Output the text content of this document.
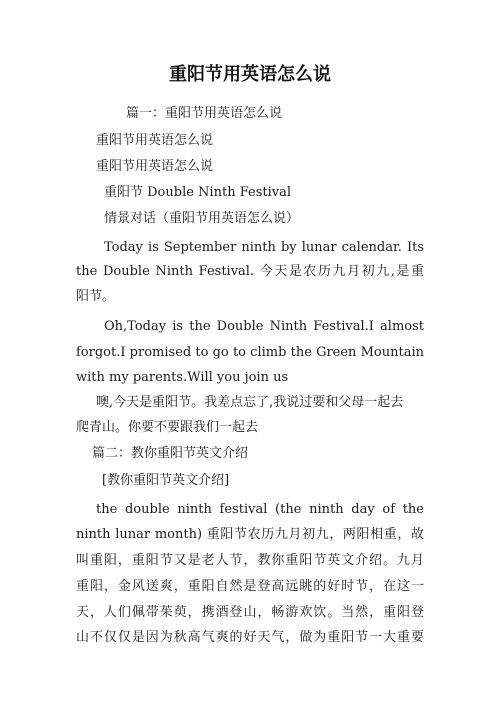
重阳节用英语怎么说
篇一：重阳节用英语怎么说
重阳节用英语怎么说
重阳节用英语怎么说
重阳节 Double Ninth Festival
情景对话（重阳节用英语怎么说）
Today is September ninth by lunar calendar. Its
the Double Ninth Festival. 今天是农历九月初九,是重
阳节。
Oh,Today is the Double Ninth Festival.I almost
forgot.I promised to go to climb the Green Mountain
with my parents.Will you join us
噢,今天是重阳节。我差点忘了,我说过要和父母一起去
爬青山。你要不要跟我们一起去
篇二：教你重阳节英文介绍
[教你重阳节英文介绍]
the double ninth festival (the ninth day of the
ninth lunar month) 重阳节农历九月初九，两阳相重，故
叫重阳，重阳节又是老人节，教你重阳节英文介绍。九月
重阳，金风送爽，重阳自然是登高远眺的好时节，在这一
天，人们佩带茱萸，携酒登山，畅游欢饮。当然，重阳登
山不仅仅是因为秋高气爽的好天气，做为重阳节一大重要
